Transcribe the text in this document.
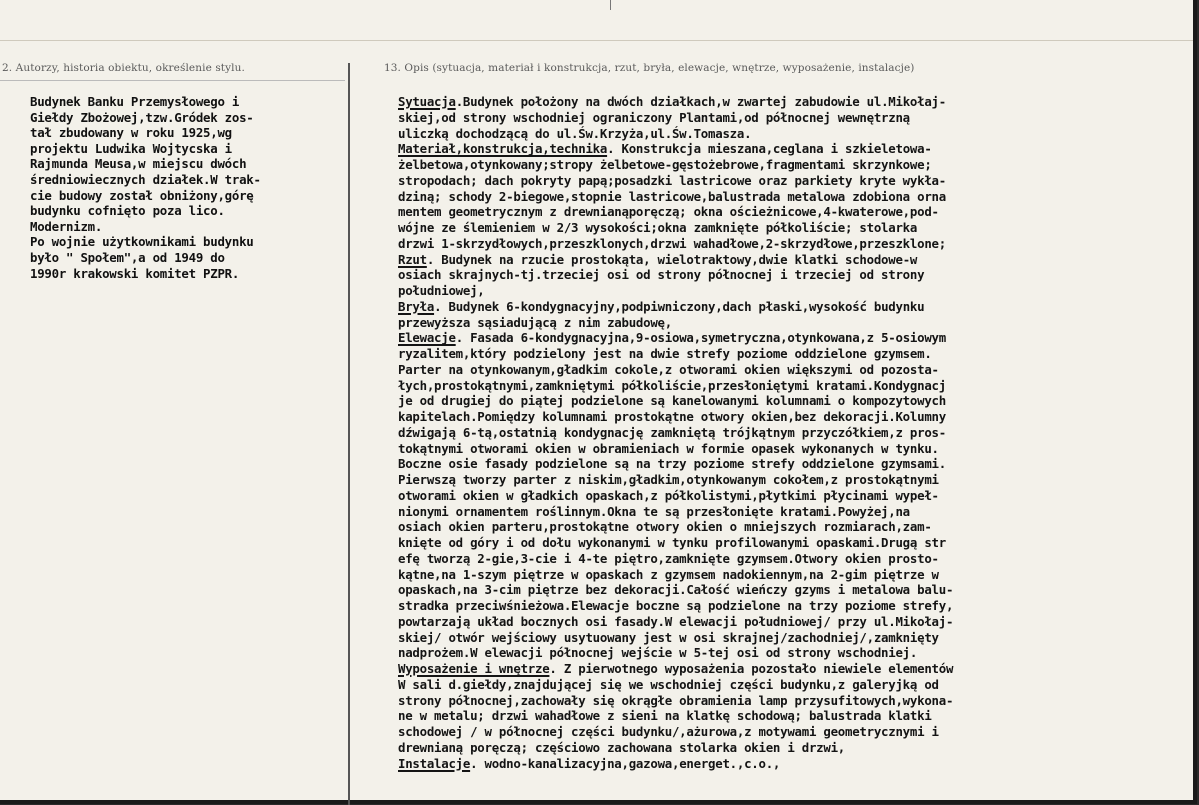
2. Autorzy, historia obiektu, określenie stylu.	13. Opis (sytuacja, materiał i konstrukcja, rzut, bryła, elewacje, wnętrze, wyposażenie, instalacje)
Budynek Banku Przemysłowego i
Giełdy Zbożowej,tzw.Gródek zos-
tał zbudowany w roku 1925,wg
projektu Ludwika Wojtycska i
Rajmunda Meusa,w miejscu dwóch
średniowiecznych działek.W trak-
cie budowy został obniżony,górę
budynku cofnięto poza lico.
Modernizm.
Po wojnie użytkownikami budynku
było " Społem",a od 1949 do
1990r krakowski komitet PZPR.
Sytuacja.Budynek położony na dwóch działkach,w zwartej zabudowie ul.Mikołaj-
skiej,od strony wschodniej ograniczony Plantami,od północnej wewnętrzną
uliczką dochodzącą do ul.Św.Krzyża,ul.Św.Tomasza.
Materiał,konstrukcja,technika. Konstrukcja mieszana,ceglana i szkieletowa-
żelbetowa,otynkowany;stropy żelbetowe-gęstożebrowe,fragmentami skrzynkowe;
stropodach; dach pokryty papą;posadzki lastricowe oraz parkiety kryte wykła-
dziną; schody 2-biegowe,stopnie lastricowe,balustrada metalowa zdobiona orna
mentem geometrycznym z drewnianąporęczą; okna ościeżnicowe,4-kwaterowe,pod-
wójne ze ślemieniem w 2/3 wysokości;okna zamknięte półkoliście; stolarka
drzwi 1-skrzydłowych,przeszklonych,drzwi wahadłowe,2-skrzydłowe,przeszklone;
Rzut. Budynek na rzucie prostokąta, wielotraktowy,dwie klatki schodowe-w
osiach skrajnych-tj.trzeciej osi od strony północnej i trzeciej od strony
południowej,
Bryła. Budynek 6-kondygnacyjny,podpiwniczony,dach płaski,wysokość budynku
przewyższa sąsiadującą z nim zabudowę,
Elewacje. Fasada 6-kondygnacyjna,9-osiowa,symetryczna,otynkowana,z 5-osiowym
ryzalitem,który podzielony jest na dwie strefy poziome oddzielone gzymsem.
Parter na otynkowanym,gładkim cokole,z otworami okien większymi od pozosta-
łych,prostokątnymi,zamkniętymi półkoliście,przesłoniętymi kratami.Kondygnacj
je od drugiej do piątej podzielone są kanelowanymi kolumnami o kompozytowych
kapitelach.Pomiędzy kolumnami prostokątne otwory okien,bez dekoracji.Kolumny
dźwigają 6-tą,ostatnią kondygnację zamkniętą trójkątnym przyczółkiem,z pros-
tokątnymi otworami okien w obramieniach w formie opasek wykonanych w tynku.
Boczne osie fasady podzielone są na trzy poziome strefy oddzielone gzymsami.
Pierwszą tworzy parter z niskim,gładkim,otynkowanym cokołem,z prostokątnymi
otworami okien w gładkich opaskach,z półkolistymi,płytkimi płycinami wypeł-
nionymi ornamentem roślinnym.Okna te są przesłonięte kratami.Powyżej,na
osiach okien parteru,prostokątne otwory okien o mniejszych rozmiarach,zam-
knięte od góry i od dołu wykonanymi w tynku profilowanymi opaskami.Drugą str
efę tworzą 2-gie,3-cie i 4-te piętro,zamknięte gzymsem.Otwory okien prosto-
kątne,na 1-szym piętrze w opaskach z gzymsem nadokiennym,na 2-gim piętrze w
opaskach,na 3-cim piętrze bez dekoracji.Całość wieńczy gzyms i metalowa balu-
stradka przeciwśnieżowa.Elewacje boczne są podzielone na trzy poziome strefy,
powtarzają układ bocznych osi fasady.W elewacji południowej/ przy ul.Mikołaj-
skiej/ otwór wejściowy usytuowany jest w osi skrajnej/zachodniej/,zamknięty
nadprożem.W elewacji północnej wejście w 5-tej osi od strony wschodniej.
Wyposażenie i wnętrze. Z pierwotnego wyposażenia pozostało niewiele elementów
W sali d.giełdy,znajdującej się we wschodniej części budynku,z galeryjką od
strony północnej,zachowały się okrągłe obramienia lamp przysufitowych,wykona-
ne w metalu; drzwi wahadłowe z sieni na klatkę schodową; balustrada klatki
schodowej / w północnej części budynku/,ażurowa,z motywami geometrycznymi i
drewnianą poręczą; częściowo zachowana stolarka okien i drzwi,
Instalacje. wodno-kanalizacyjna,gazowa,energet.,c.o.,
